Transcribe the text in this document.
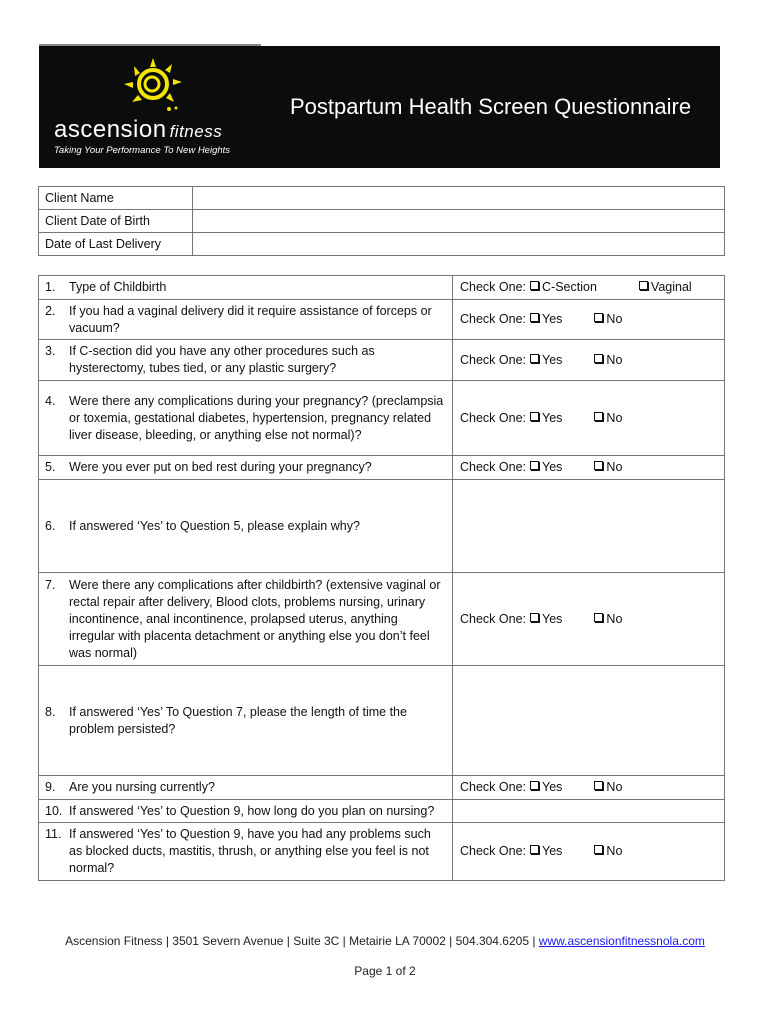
ascension fitness
Taking Your Performance To New Heights
Postpartum Health Screen Questionnaire
Client Name	
Client Date of Birth	
Date of Last Delivery	
1. Type of Childbirth	Check One: C-Section Vaginal

2. If you had a vaginal delivery did it require assistance of forceps or vacuum?	Check One: Yes No

3. If C-section did you have any other procedures such as hysterectomy, tubes tied, or any plastic surgery?	Check One: Yes No

4. Were there any complications during your pregnancy? (preclampsia or toxemia, gestational diabetes, hypertension, pregnancy related liver disease, bleeding, or anything else not normal)?	Check One: Yes No

5. Were you ever put on bed rest during your pregnancy?	Check One: Yes No

6. If answered ‘Yes’ to Question 5, please explain why?	

7. Were there any complications after childbirth? (extensive vaginal or rectal repair after delivery, Blood clots, problems nursing, urinary incontinence, anal incontinence, prolapsed uterus, anything irregular with placenta detachment or anything else you don’t feel was normal)	Check One: Yes No

8. If answered ‘Yes’ To Question 7, please the length of time the problem persisted?	

9. Are you nursing currently?	Check One: Yes No

10. If answered ‘Yes’ to Question 9, how long do you plan on nursing?	

11. If answered ‘Yes’ to Question 9, have you had any problems such as blocked ducts, mastitis, thrush, or anything else you feel is not normal?	Check One: Yes No
Ascension Fitness | 3501 Severn Avenue | Suite 3C | Metairie LA 70002 | 504.304.6205 | www.ascensionfitnessnola.com
Page 1 of 2
